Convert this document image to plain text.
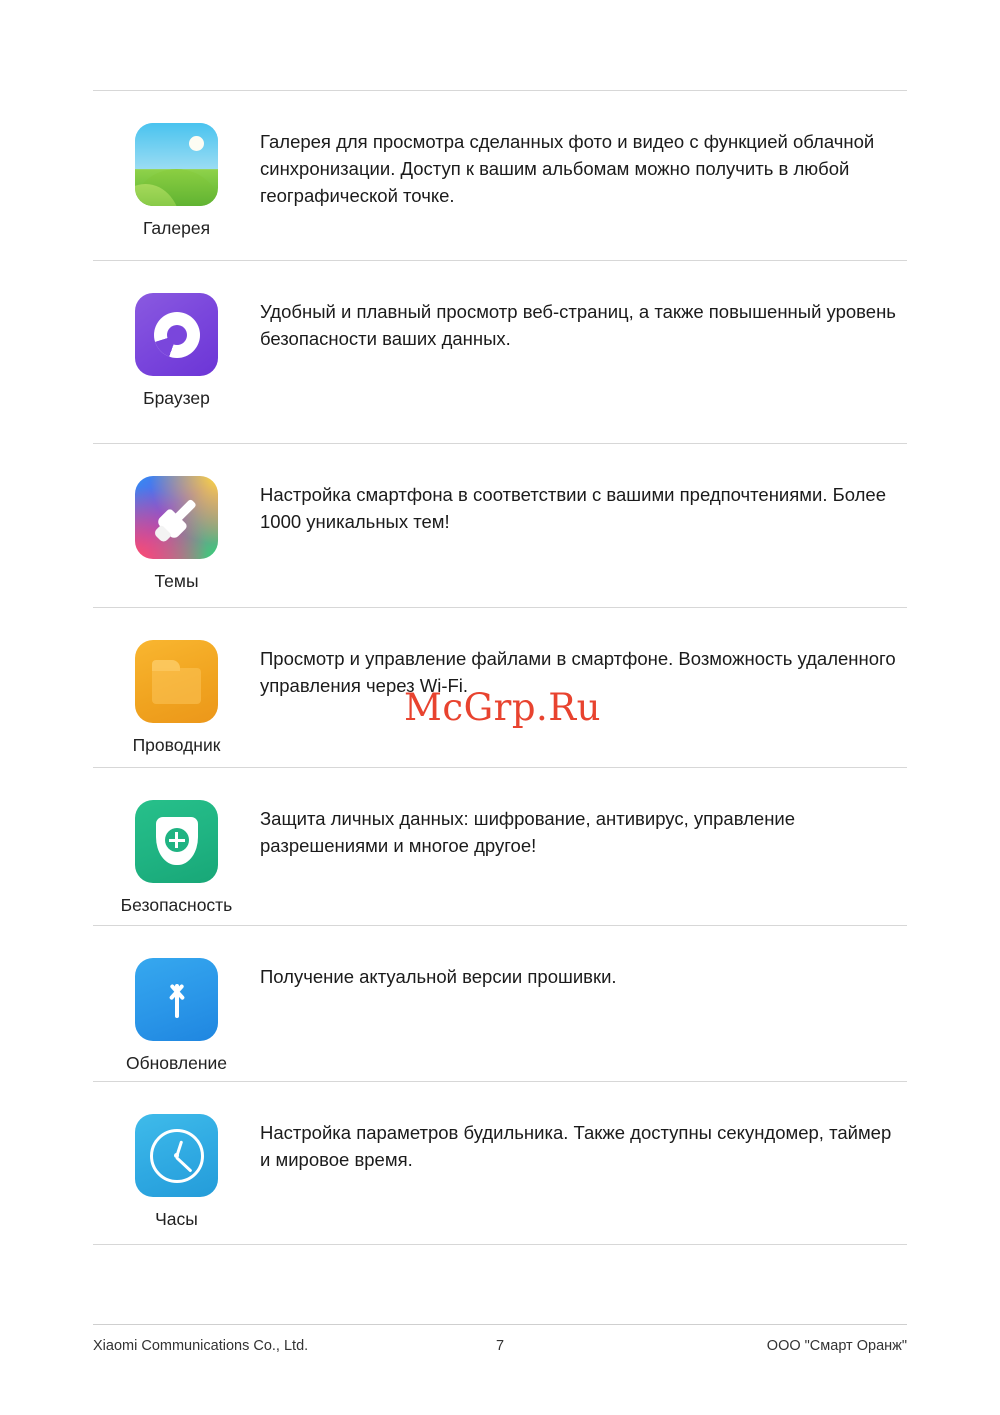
Галерея

Галерея для просмотра сделанных фото и видео с функцией облачной синхронизации. Доступ к вашим альбомам можно получить в любой географической точке.

Браузер

Удобный и плавный просмотр веб-страниц, а также повышенный уровень безопасности ваших данных.

Темы

Настройка смартфона в соответствии с вашими предпочтениями. Более 1000 уникальных тем!

Проводник

Просмотр и управление файлами в смартфоне. Возможность удаленного управления через Wi-Fi.

Безопасность

Защита личных данных: шифрование, антивирус, управление разрешениями и многое другое!

Обновление

Получение актуальной версии прошивки.

Часы

Настройка параметров будильника. Также доступны секундомер, таймер и мировое время.

McGrp.Ru
Xiaomi Communications Co., Ltd.	7	ООО "Смарт Оранж"
